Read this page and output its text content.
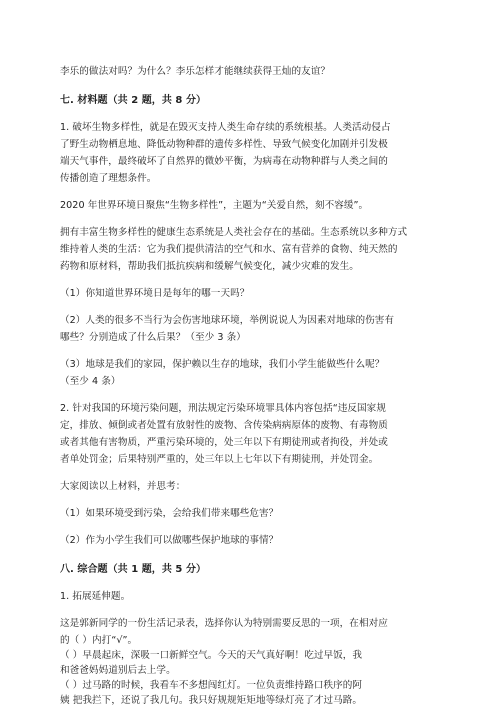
李乐的做法对吗？为什么？李乐怎样才能继续获得王灿的友谊？
七. 材料题（共 2 题，共 8 分）
1. 破坏生物多样性，就是在毁灭支持人类生命存续的系统根基。人类活动侵占
了野生动物栖息地、降低动物种群的遗传多样性、导致气候变化加剧并引发极
端天气事件，最终破坏了自然界的微妙平衡，为病毒在动物种群与人类之间的
传播创造了理想条件。
2020 年世界环境日聚焦“生物多样性”，主题为“关爱自然，刻不容缓”。
拥有丰富生物多样性的健康生态系统是人类社会存在的基础。生态系统以多种方式
维持着人类的生活：它为我们提供清洁的空气和水、富有营养的食物、纯天然的
药物和原材料，帮助我们抵抗疾病和缓解气候变化，减少灾难的发生。
（1）你知道世界环境日是每年的哪一天吗？
（2）人类的很多不当行为会伤害地球环境，举例说说人为因素对地球的伤害有
哪些？分别造成了什么后果？（至少 3 条）
（3）地球是我们的家园，保护赖以生存的地球，我们小学生能做些什么呢？
（至少 4 条）
2. 针对我国的环境污染问题，刑法规定污染环境罪具体内容包括“违反国家规
定，排放、倾倒或者处置有放射性的废物、含传染病病原体的废物、有毒物质
或者其他有害物质，严重污染环境的，处三年以下有期徒刑或者拘役，并处或
者单处罚金；后果特别严重的，处三年以上七年以下有期徒刑，并处罚金。
大家阅读以上材料，并思考：
（1）如果环境受到污染，会给我们带来哪些危害？
（2）作为小学生我们可以做哪些保护地球的事情？
八. 综合题（共 1 题，共 5 分）
1. 拓展延伸题。
这是郭新同学的一份生活记录表，选择你认为特别需要反思的一项，在相对应
的（ ）内打“√”。
（ ）早晨起床，深吸一口新鲜空气。今天的天气真好啊！吃过早饭，我
和爸爸妈妈道别后去上学。
（ ）过马路的时候，我看车不多想闯红灯。一位负责维持路口秩序的阿
姨 把我拦下，还说了我几句。我只好规规矩矩地等绿灯亮了才过马路。
